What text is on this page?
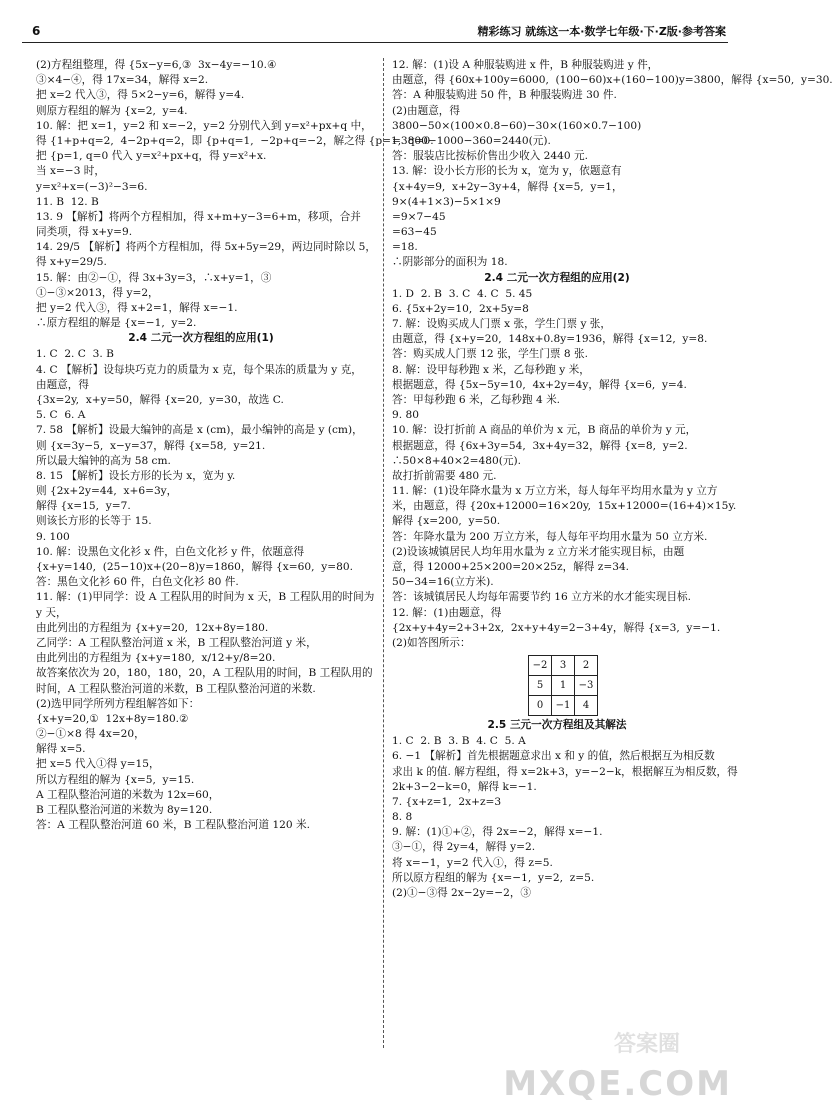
6	精彩练习 就练这一本·数学七年级·下·Z版·参考答案
(2)方程组整理，得 {5x−y=6,③  3x−4y=−10.④
③×4−④，得 17x=34，解得 x=2.
把 x=2 代入③，得 5×2−y=6，解得 y=4.
则原方程组的解为 {x=2,  y=4.
10. 解：把 x=1，y=2 和 x=−2，y=2 分别代入到 y=x²+px+q 中，
得 {1+p+q=2,  4−2p+q=2，即 {p+q=1,  −2p+q=−2，解之得 {p=1,  q=0.
把 {p=1, q=0 代入 y=x²+px+q，得 y=x²+x.
当 x=−3 时，
y=x²+x=(−3)²−3=6.
11. B  12. B
13. 9 【解析】将两个方程相加，得 x+m+y−3=6+m，移项，合并
同类项，得 x+y=9.
14. 29/5 【解析】将两个方程相加，得 5x+5y=29，两边同时除以 5，
得 x+y=29/5.
15. 解：由②−①，得 3x+3y=3，∴x+y=1，③
①−③×2013，得 y=2，
把 y=2 代入③，得 x+2=1，解得 x=−1.
∴原方程组的解是 {x=−1,  y=2.
2.4 二元一次方程组的应用(1)
1. C  2. C  3. B
4. C 【解析】设每块巧克力的质量为 x 克，每个果冻的质量为 y 克，
由题意，得
{3x=2y,  x+y=50，解得 {x=20,  y=30，故选 C.
5. C  6. A
7. 58 【解析】设最大编钟的高是 x (cm)，最小编钟的高是 y (cm)，
则 {x=3y−5,  x−y=37，解得 {x=58,  y=21.
所以最大编钟的高为 58 cm.
8. 15 【解析】设长方形的长为 x，宽为 y.
则 {2x+2y=44,  x+6=3y，
解得 {x=15,  y=7.
则该长方形的长等于 15.
9. 100
10. 解：设黑色文化衫 x 件，白色文化衫 y 件，依题意得
{x+y=140,  (25−10)x+(20−8)y=1860，解得 {x=60,  y=80.
答：黑色文化衫 60 件，白色文化衫 80 件.
11. 解：(1)甲同学：设 A 工程队用的时间为 x 天，B 工程队用的时间为
y 天，
由此列出的方程组为 {x+y=20,  12x+8y=180.
乙同学：A 工程队整治河道 x 米，B 工程队整治河道 y 米，
由此列出的方程组为 {x+y=180,  x/12+y/8=20.
故答案依次为 20，180，180，20，A 工程队用的时间，B 工程队用的
时间，A 工程队整治河道的米数，B 工程队整治河道的米数.
(2)选甲同学所列方程组解答如下：
{x+y=20,①  12x+8y=180.②
②−①×8 得 4x=20，
解得 x=5.
把 x=5 代入①得 y=15，
所以方程组的解为 {x=5,  y=15.
A 工程队整治河道的米数为 12x=60，
B 工程队整治河道的米数为 8y=120.
答：A 工程队整治河道 60 米，B 工程队整治河道 120 米.
12. 解：(1)设 A 种服装购进 x 件，B 种服装购进 y 件，
由题意，得 {60x+100y=6000,  (100−60)x+(160−100)y=3800，解得 {x=50,  y=30.
答：A 种服装购进 50 件，B 种服装购进 30 件.
(2)由题意，得
3800−50×(100×0.8−60)−30×(160×0.7−100)
=3800−1000−360=2440(元).
答：服装店比按标价售出少收入 2440 元.
13. 解：设小长方形的长为 x，宽为 y，依题意有
{x+4y=9,  x+2y−3y+4，解得 {x=5,  y=1，
9×(4+1×3)−5×1×9
=9×7−45
=63−45
=18.
∴阴影部分的面积为 18.
2.4 二元一次方程组的应用(2)
1. D  2. B  3. C  4. C  5. 45
6. {5x+2y=10,  2x+5y=8
7. 解：设购买成人门票 x 张，学生门票 y 张，
由题意，得 {x+y=20,  148x+0.8y=1936，解得 {x=12,  y=8.
答：购买成人门票 12 张，学生门票 8 张.
8. 解：设甲每秒跑 x 米，乙每秒跑 y 米，
根据题意，得 {5x−5y=10,  4x+2y=4y，解得 {x=6,  y=4.
答：甲每秒跑 6 米，乙每秒跑 4 米.
9. 80
10. 解：设打折前 A 商品的单价为 x 元，B 商品的单价为 y 元，
根据题意，得 {6x+3y=54,  3x+4y=32，解得 {x=8,  y=2.
∴50×8+40×2=480(元).
故打折前需要 480 元.
11. 解：(1)设年降水量为 x 万立方米，每人每年平均用水量为 y 立方
米，由题意，得 {20x+12000=16×20y,  15x+12000=(16+4)×15y.
解得 {x=200,  y=50.
答：年降水量为 200 万立方米，每人每年平均用水量为 50 立方米.
(2)设该城镇居民人均年用水量为 z 立方米才能实现目标，由题
意，得 12000+25×200=20×25z，解得 z=34.
50−34=16(立方米).
答：该城镇居民人均每年需要节约 16 立方米的水才能实现目标.
12. 解：(1)由题意，得
{2x+y+4y=2+3+2x,  2x+y+4y=2−3+4y，解得 {x=3,  y=−1.
(2)如答图所示：
−2	3	2
5	1	−3
0	−1	4
2.5 三元一次方程组及其解法
1. C  2. B  3. B  4. C  5. A
6. −1 【解析】首先根据题意求出 x 和 y 的值，然后根据互为相反数
求出 k 的值. 解方程组，得 x=2k+3，y=−2−k，根据解互为相反数，得
2k+3−2−k=0，解得 k=−1.
7. {x+z=1,  2x+z=3
8. 8
9. 解：(1)①+②，得 2x=−2，解得 x=−1.
③−①，得 2y=4，解得 y=2.
将 x=−1，y=2 代入①，得 z=5.
所以原方程组的解为 {x=−1,  y=2,  z=5.
(2)①−③得 2x−2y=−2，③
答案圈
MXQE.COM
